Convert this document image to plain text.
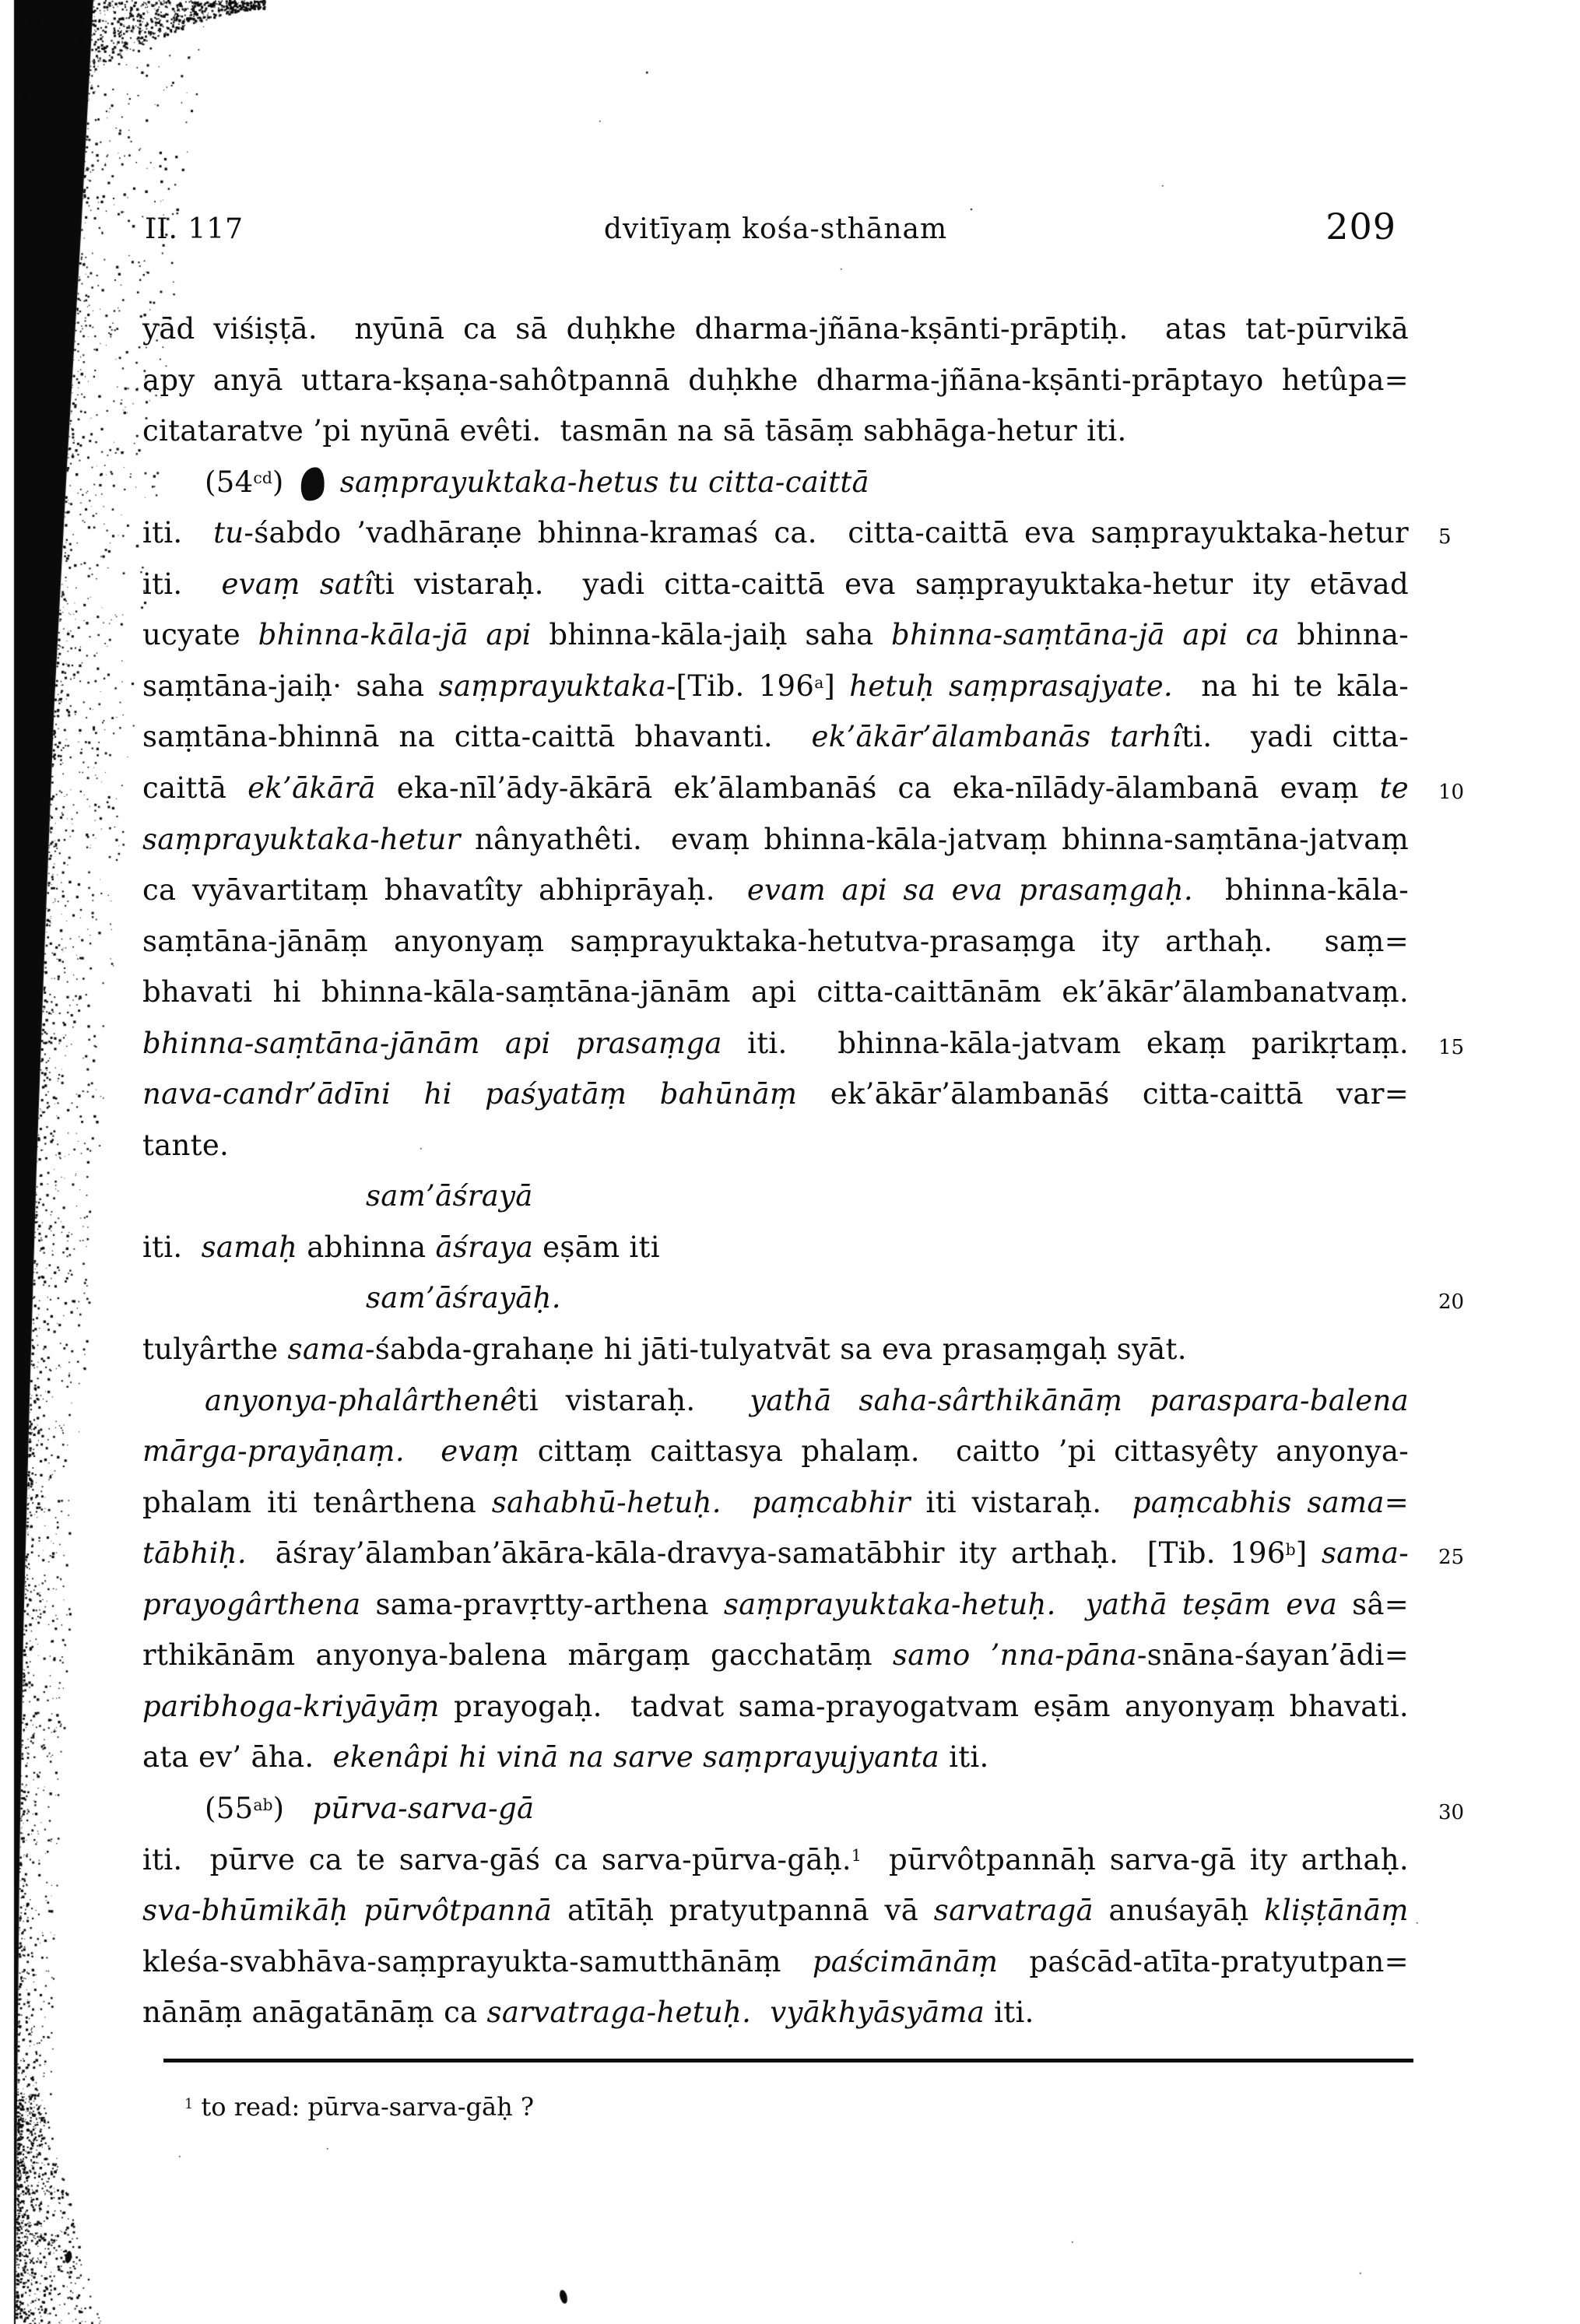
II. 117	dvitīyaṃ kośa-sthānam	209
yād viśiṣṭā.  nyūnā ca sā duḥkhe dharma-jñāna-kṣānti-prāptiḥ.  atas tat-pūrvikā
apy anyā uttara-kṣaṇa-sahôtpannā duḥkhe dharma-jñāna-kṣānti-prāptayo hetûpa=
citataratve ’pi nyūnā evêti.  tasmān na sā tāsāṃ sabhāga-hetur iti.
$(54^{cd})$  saṃprayuktaka-hetus tu citta-caittā
iti.  tu-śabdo ’vadhāraṇe bhinna-kramaś ca.  citta-caittā eva saṃprayuktaka-hetur
iti.  evaṃ satîti vistaraḥ.  yadi citta-caittā eva saṃprayuktaka-hetur ity etāvad
ucyate bhinna-kāla-jā api bhinna-kāla-jaiḥ saha bhinna-saṃtāna-jā api ca bhinna-
saṃtāna-jaiḥ· saha saṃprayuktaka-[Tib. 196$^a$] hetuḥ saṃprasajyate.  na hi te kāla-
saṃtāna-bhinnā na citta-caittā bhavanti.  ek’ākār’ālambanās tarhîti.  yadi citta-
caittā ek’ākārā eka-nīl’ādy-ākārā ek’ālambanāś ca eka-nīlādy-ālambanā evaṃ te
saṃprayuktaka-hetur nânyathêti.  evaṃ bhinna-kāla-jatvaṃ bhinna-saṃtāna-jatvaṃ
ca vyāvartitaṃ bhavatîty abhiprāyaḥ.  evam api sa eva prasaṃgaḥ.  bhinna-kāla-
saṃtāna-jānāṃ anyonyaṃ saṃprayuktaka-hetutva-prasaṃga ity arthaḥ.  saṃ=
bhavati hi bhinna-kāla-saṃtāna-jānām api citta-caittānām ek’ākār’ālambanatvaṃ.
bhinna-saṃtāna-jānām api prasaṃga iti.  bhinna-kāla-jatvam ekaṃ parikṛtaṃ.
nava-candr’ādīni hi paśyatāṃ bahūnāṃ ek’ākār’ālambanāś citta-caittā var=
tante.
sam’āśrayā
iti.  samaḥ abhinna āśraya eṣām iti
sam’āśrayāḥ.
tulyârthe sama-śabda-grahaṇe hi jāti-tulyatvāt sa eva prasaṃgaḥ syāt.
anyonya-phalârthenêti vistaraḥ.  yathā saha-sârthikānāṃ paraspara-balena
mārga-prayāṇaṃ. evaṃ cittaṃ caittasya phalaṃ.  caitto ’pi cittasyêty anyonya-
phalam iti tenârthena sahabhū-hetuḥ. paṃcabhir iti vistaraḥ.  paṃcabhis sama=
tābhiḥ.  āśray’ālamban’ākāra-kāla-dravya-samatābhir ity arthaḥ.  [Tib. 196$^b$] sama-
prayogârthena sama-pravṛtty-arthena saṃprayuktaka-hetuḥ. yathā teṣām eva sâ=
rthikānām anyonya-balena mārgaṃ gacchatāṃ samo ’nna-pāna-snāna-śayan’ādi=
paribhoga-kriyāyāṃ prayogaḥ.  tadvat sama-prayogatvam eṣām anyonyaṃ bhavati.
ata ev’ āha.  ekenâpi hi vinā na sarve saṃprayujyanta iti.
$(55^{ab})$   pūrva-sarva-gā
iti.  pūrve ca te sarva-gāś ca sarva-pūrva-gāḥ.$^1$  pūrvôtpannāḥ sarva-gā ity arthaḥ.
sva-bhūmikāḥ pūrvôtpannā atītāḥ pratyutpannā vā sarvatragā anuśayāḥ kliṣṭānāṃ
kleśa-svabhāva-saṃprayukta-samutthānāṃ paścimānāṃ paścād-atīta-pratyutpan=
nānāṃ anāgatānāṃ ca sarvatraga-hetuḥ. vyākhyāsyāma iti.
5
10
15
20
25
30
$^1$ to read: pūrva-sarva-gāḥ ?
